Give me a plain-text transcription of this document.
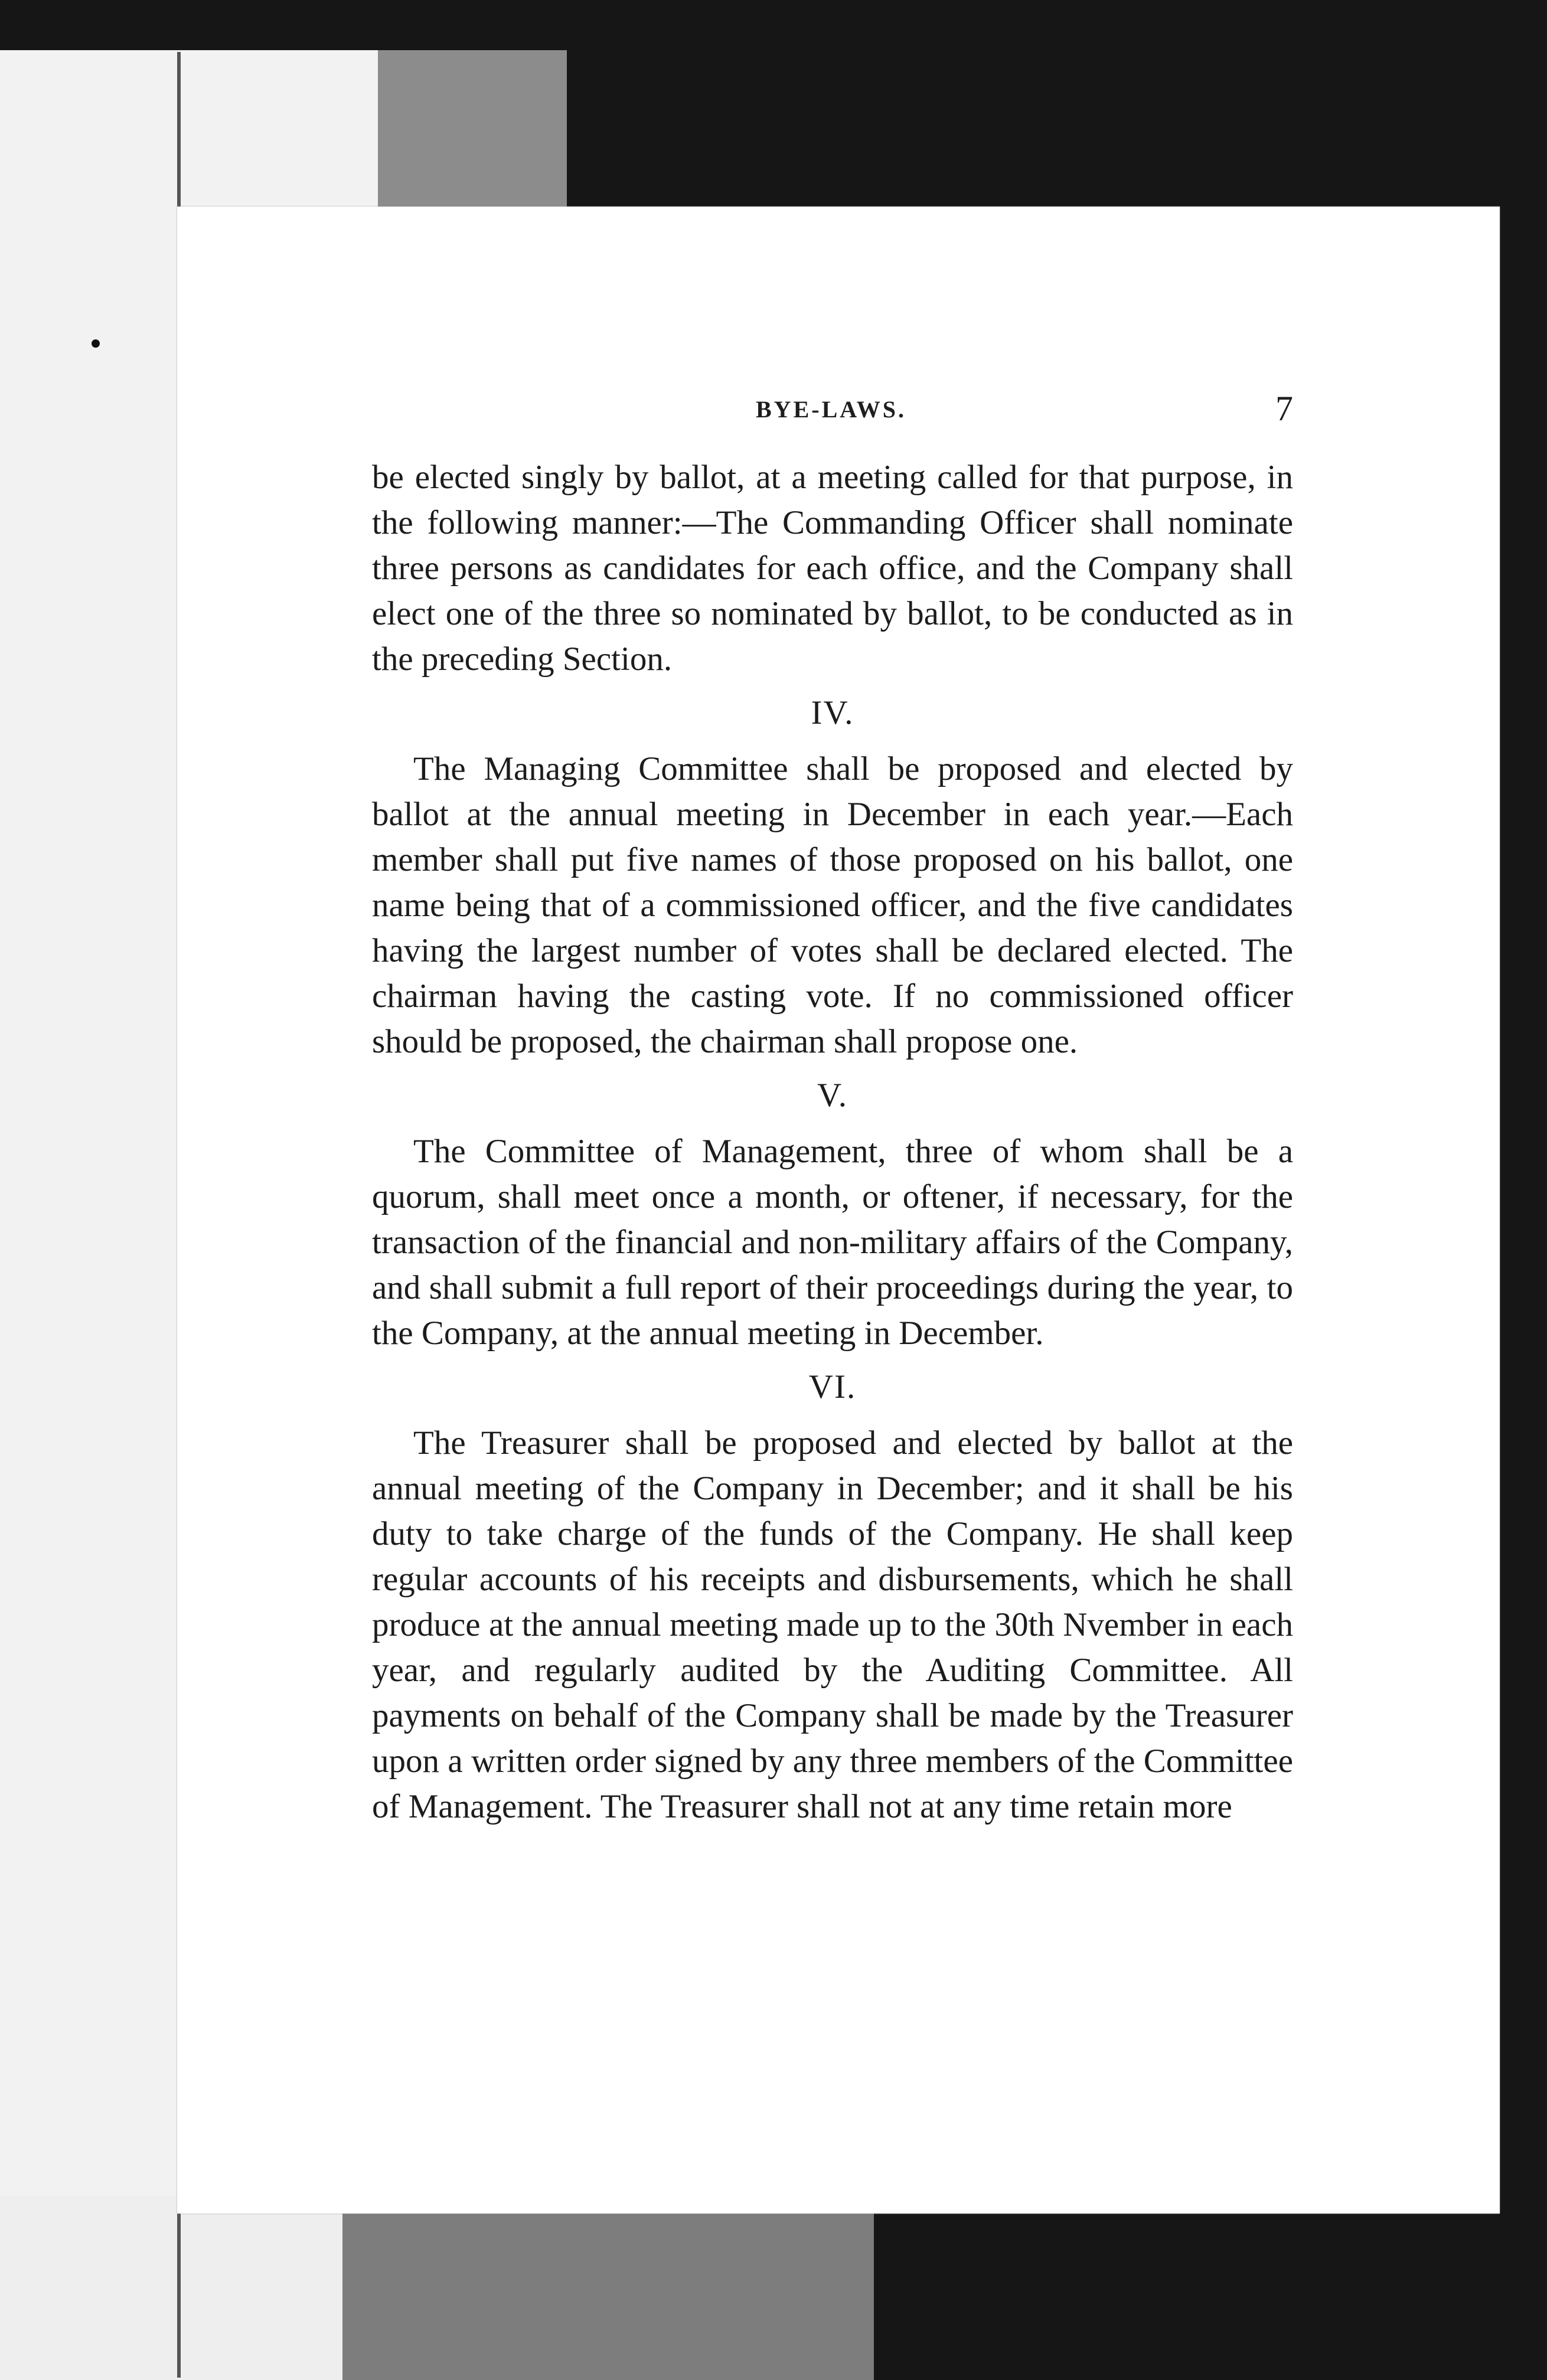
BYE-LAWS.	7

be elected singly by ballot, at a meeting called for that purpose, in the following manner:—The Commanding Officer shall nominate three persons as candidates for each office, and the Company shall elect one of the three so nominated by ballot, to be conducted as in the preceding Section.

IV.

The Managing Committee shall be proposed and elected by ballot at the annual meeting in December in each year.—Each member shall put five names of those proposed on his ballot, one name being that of a commissioned officer, and the five candidates having the largest number of votes shall be declared elected. The chairman having the casting vote. If no commissioned officer should be proposed, the chairman shall propose one.

V.

The Committee of Management, three of whom shall be a quorum, shall meet once a month, or oftener, if necessary, for the transaction of the financial and non-military affairs of the Company, and shall submit a full report of their proceedings during the year, to the Company, at the annual meeting in December.

VI.

The Treasurer shall be proposed and elected by ballot at the annual meeting of the Company in December; and it shall be his duty to take charge of the funds of the Company. He shall keep regular accounts of his receipts and disbursements, which he shall produce at the annual meeting made up to the 30th Nvember in each year, and regularly audited by the Auditing Committee. All payments on behalf of the Company shall be made by the Treasurer upon a written order signed by any three members of the Committee of Management. The Treasurer shall not at any time retain more
